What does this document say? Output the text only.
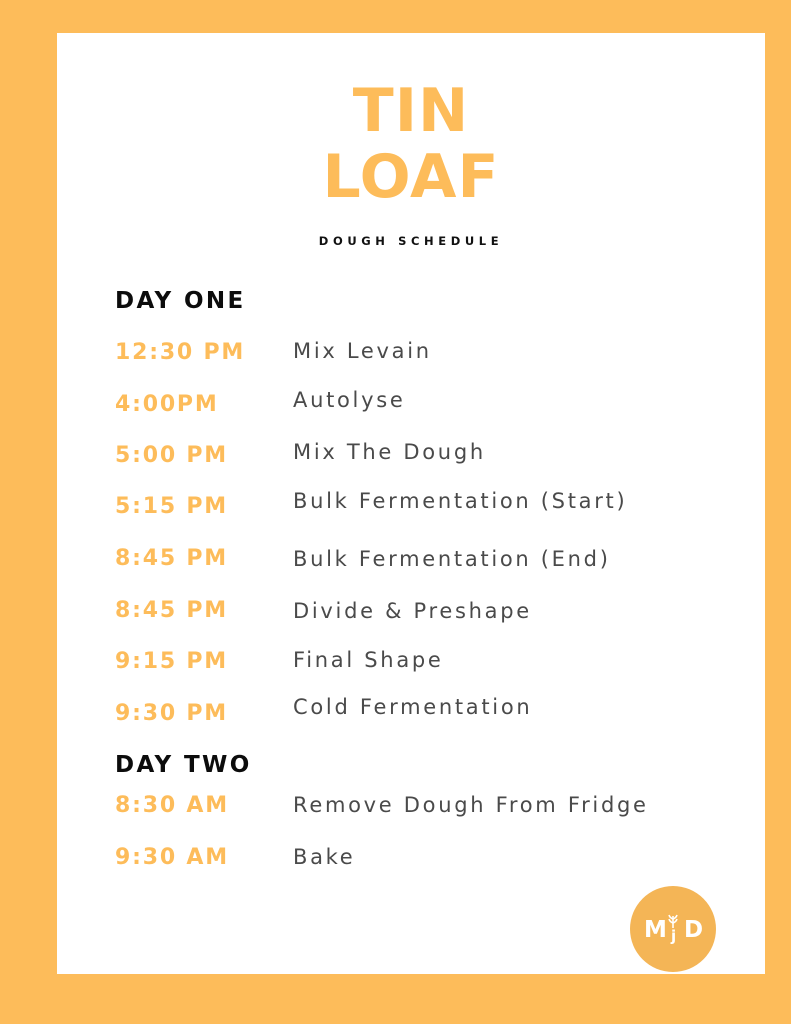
TIN
LOAF
DOUGH SCHEDULE
DAY ONE
12:30 PM Mix Levain
4:00PM	Autolyse
5:00 PM	Mix The Dough
5:15 PM	Bulk Fermentation (Start)
8:45 PM	Bulk Fermentation (End)
8:45 PM	Divide & Preshape
9:15 PM	Final Shape
9:30 PM	Cold Fermentation
DAY TWO
8:30 AM	Remove Dough From Fridge
9:30 AM	Bake
M D
j
